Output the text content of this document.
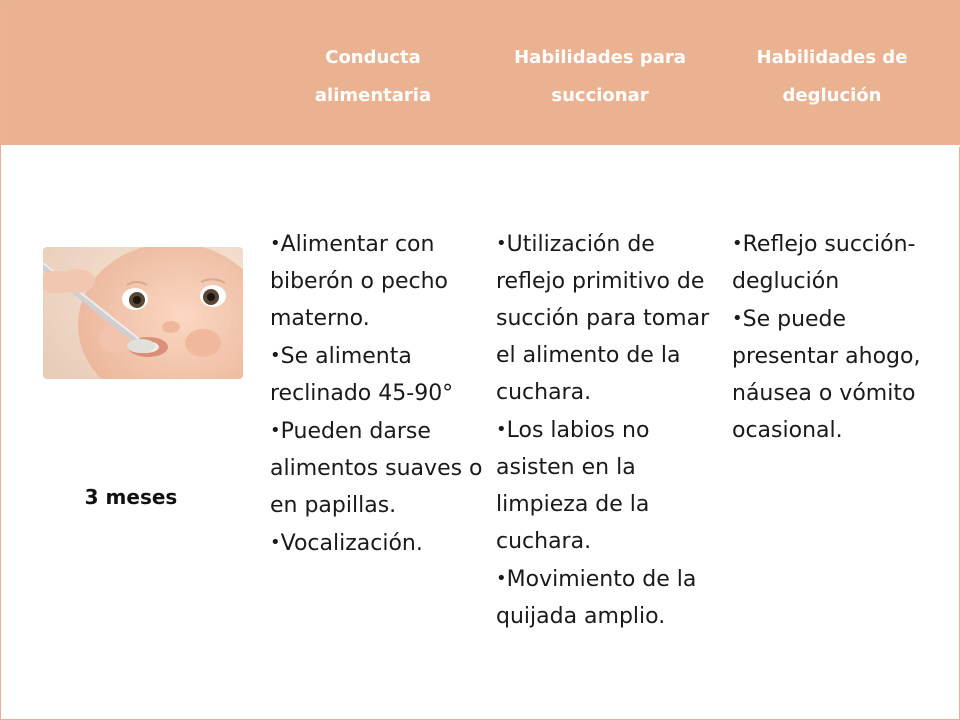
Conducta
alimentaria
Habilidades para
succionar
Habilidades de
deglución
3 meses

•Alimentar con biberón o pecho materno.

•Se alimenta reclinado 45-90°

•Pueden darse alimentos suaves o en papillas.

•Vocalización.

•Utilización de reflejo primitivo de succión para tomar el alimento de la cuchara.

•Los labios no asisten en la limpieza de la cuchara.

•Movimiento de la quijada amplio.

•Reflejo succión-deglución

•Se puede presentar ahogo, náusea o vómito ocasional.
